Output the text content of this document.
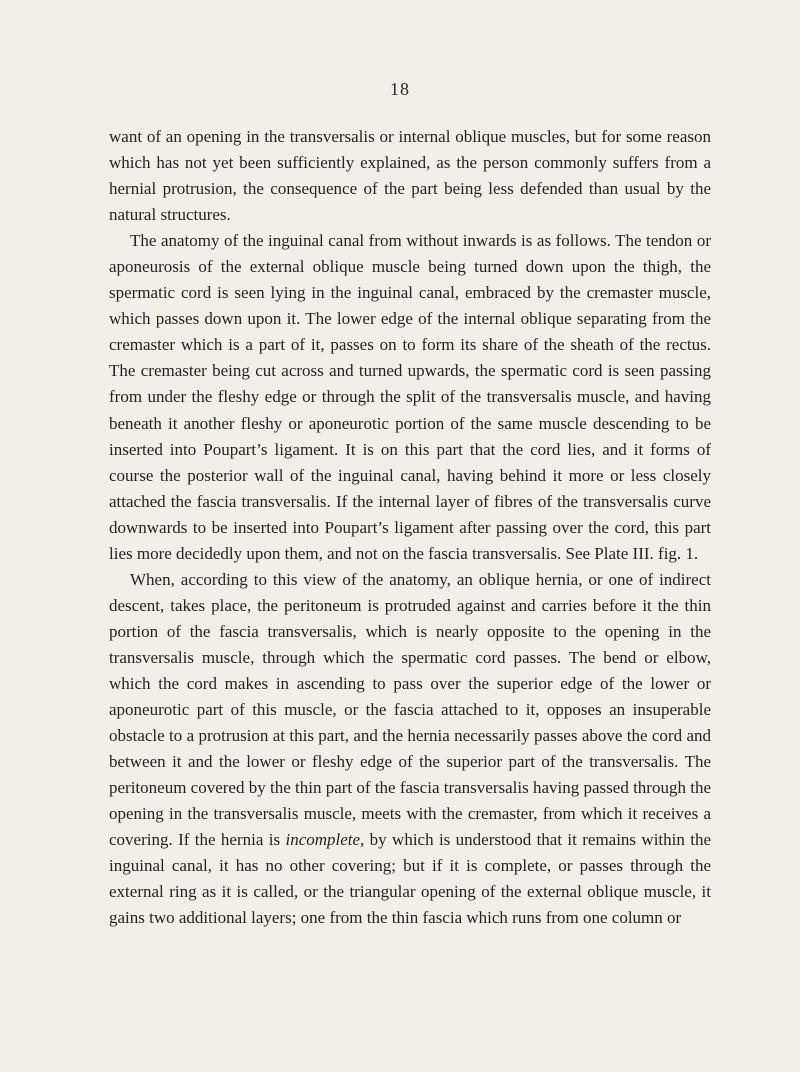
18

want of an opening in the transversalis or internal oblique muscles, but for some reason which has not yet been sufficiently explained, as the person commonly suffers from a hernial protrusion, the consequence of the part being less defended than usual by the natural structures.

The anatomy of the inguinal canal from without inwards is as follows. The tendon or aponeurosis of the external oblique muscle being turned down upon the thigh, the spermatic cord is seen lying in the inguinal canal, embraced by the cremaster muscle, which passes down upon it. The lower edge of the internal oblique separating from the cremaster which is a part of it, passes on to form its share of the sheath of the rectus. The cremaster being cut across and turned upwards, the spermatic cord is seen passing from under the fleshy edge or through the split of the transversalis muscle, and having beneath it another fleshy or aponeurotic portion of the same muscle descending to be inserted into Poupart’s ligament. It is on this part that the cord lies, and it forms of course the posterior wall of the inguinal canal, having behind it more or less closely attached the fascia transversalis. If the internal layer of fibres of the transversalis curve downwards to be inserted into Poupart’s ligament after passing over the cord, this part lies more decidedly upon them, and not on the fascia transversalis. See Plate III. fig. 1.

When, according to this view of the anatomy, an oblique hernia, or one of indirect descent, takes place, the peritoneum is protruded against and carries before it the thin portion of the fascia transversalis, which is nearly opposite to the opening in the transversalis muscle, through which the spermatic cord passes. The bend or elbow, which the cord makes in ascending to pass over the superior edge of the lower or aponeurotic part of this muscle, or the fascia attached to it, opposes an insuperable obstacle to a protrusion at this part, and the hernia necessarily passes above the cord and between it and the lower or fleshy edge of the superior part of the transversalis. The peritoneum covered by the thin part of the fascia transversalis having passed through the opening in the transversalis muscle, meets with the cremaster, from which it receives a covering. If the hernia is incomplete, by which is understood that it remains within the inguinal canal, it has no other covering; but if it is complete, or passes through the external ring as it is called, or the triangular opening of the external oblique muscle, it gains two additional layers; one from the thin fascia which runs from one column or
